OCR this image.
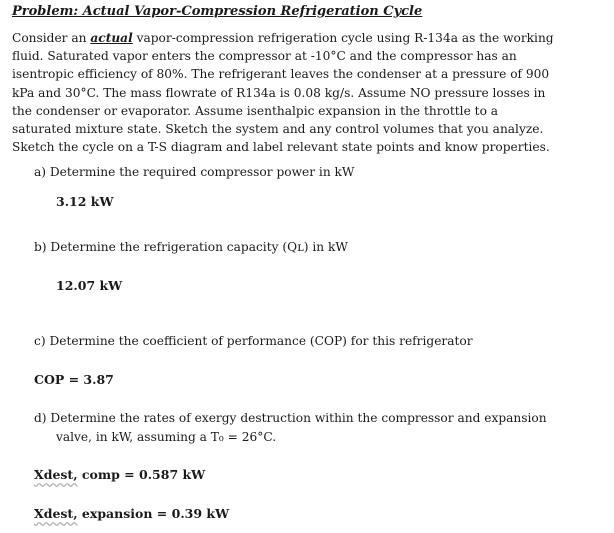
Problem: Actual Vapor-Compression Refrigeration Cycle
Consider an actual vapor-compression refrigeration cycle using R-134a as the working
fluid. Saturated vapor enters the compressor at -10°C and the compressor has an
isentropic efficiency of 80%. The refrigerant leaves the condenser at a pressure of 900
kPa and 30°C. The mass flowrate of R134a is 0.08 kg/s. Assume NO pressure losses in
the condenser or evaporator. Assume isenthalpic expansion in the throttle to a
saturated mixture state. Sketch the system and any control volumes that you analyze.
Sketch the cycle on a T-S diagram and label relevant state points and know properties.
a) Determine the required compressor power in kW
3.12 kW
b) Determine the refrigeration capacity (Qʟ) in kW
12.07 kW
c) Determine the coefficient of performance (COP) for this refrigerator
COP = 3.87
d) Determine the rates of exergy destruction within the compressor and expansion
valve, in kW, assuming a T₀ = 26°C.
Xdest, comp = 0.587 kW
Xdest, expansion = 0.39 kW
